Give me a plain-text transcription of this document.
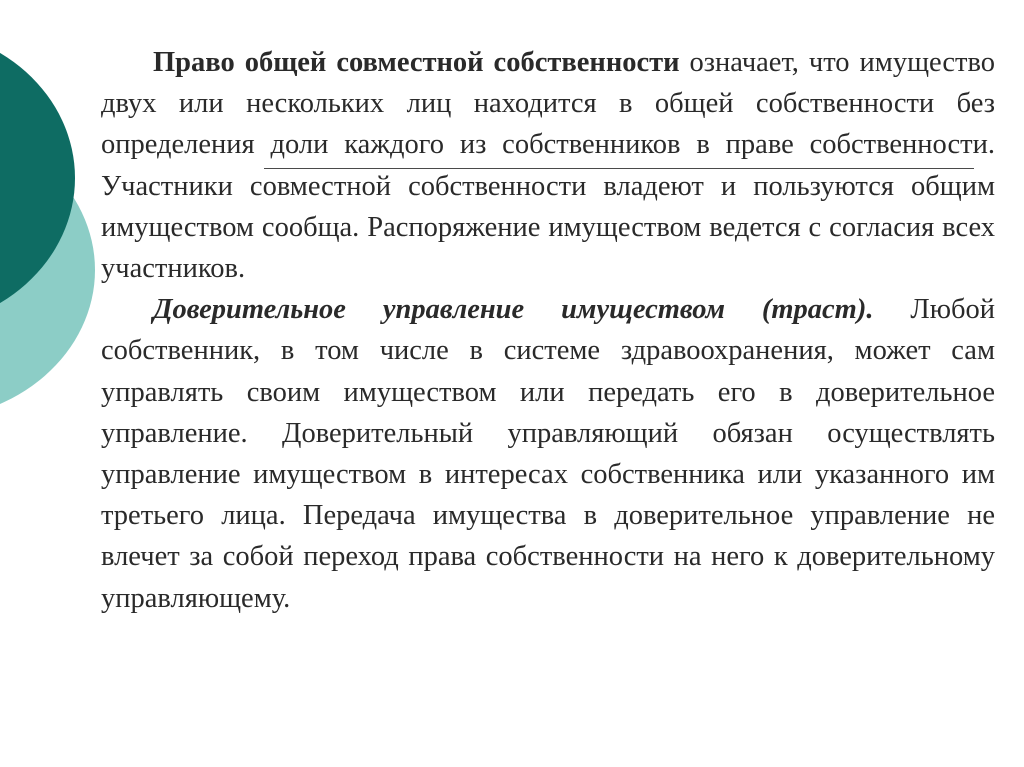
Право общей совместной собственности означает, что имущество двух или нескольких лиц находится в общей собственности без определения доли каждого из собственников в праве собственности. Участники совместной собственности владеют и пользуются общим имуществом сообща. Распоряжение имуществом ведется с согласия всех участников.

Доверительное управление имуществом (траст). Любой собственник, в том числе в системе здравоохранения, может сам управлять своим имуществом или передать его в доверительное управление. Доверительный управляющий обязан осуществлять управление имуществом в интересах собственника или указанного им третьего лица. Передача имущества в доверительное управление не влечет за собой переход права собственности на него к доверительному управляющему.
